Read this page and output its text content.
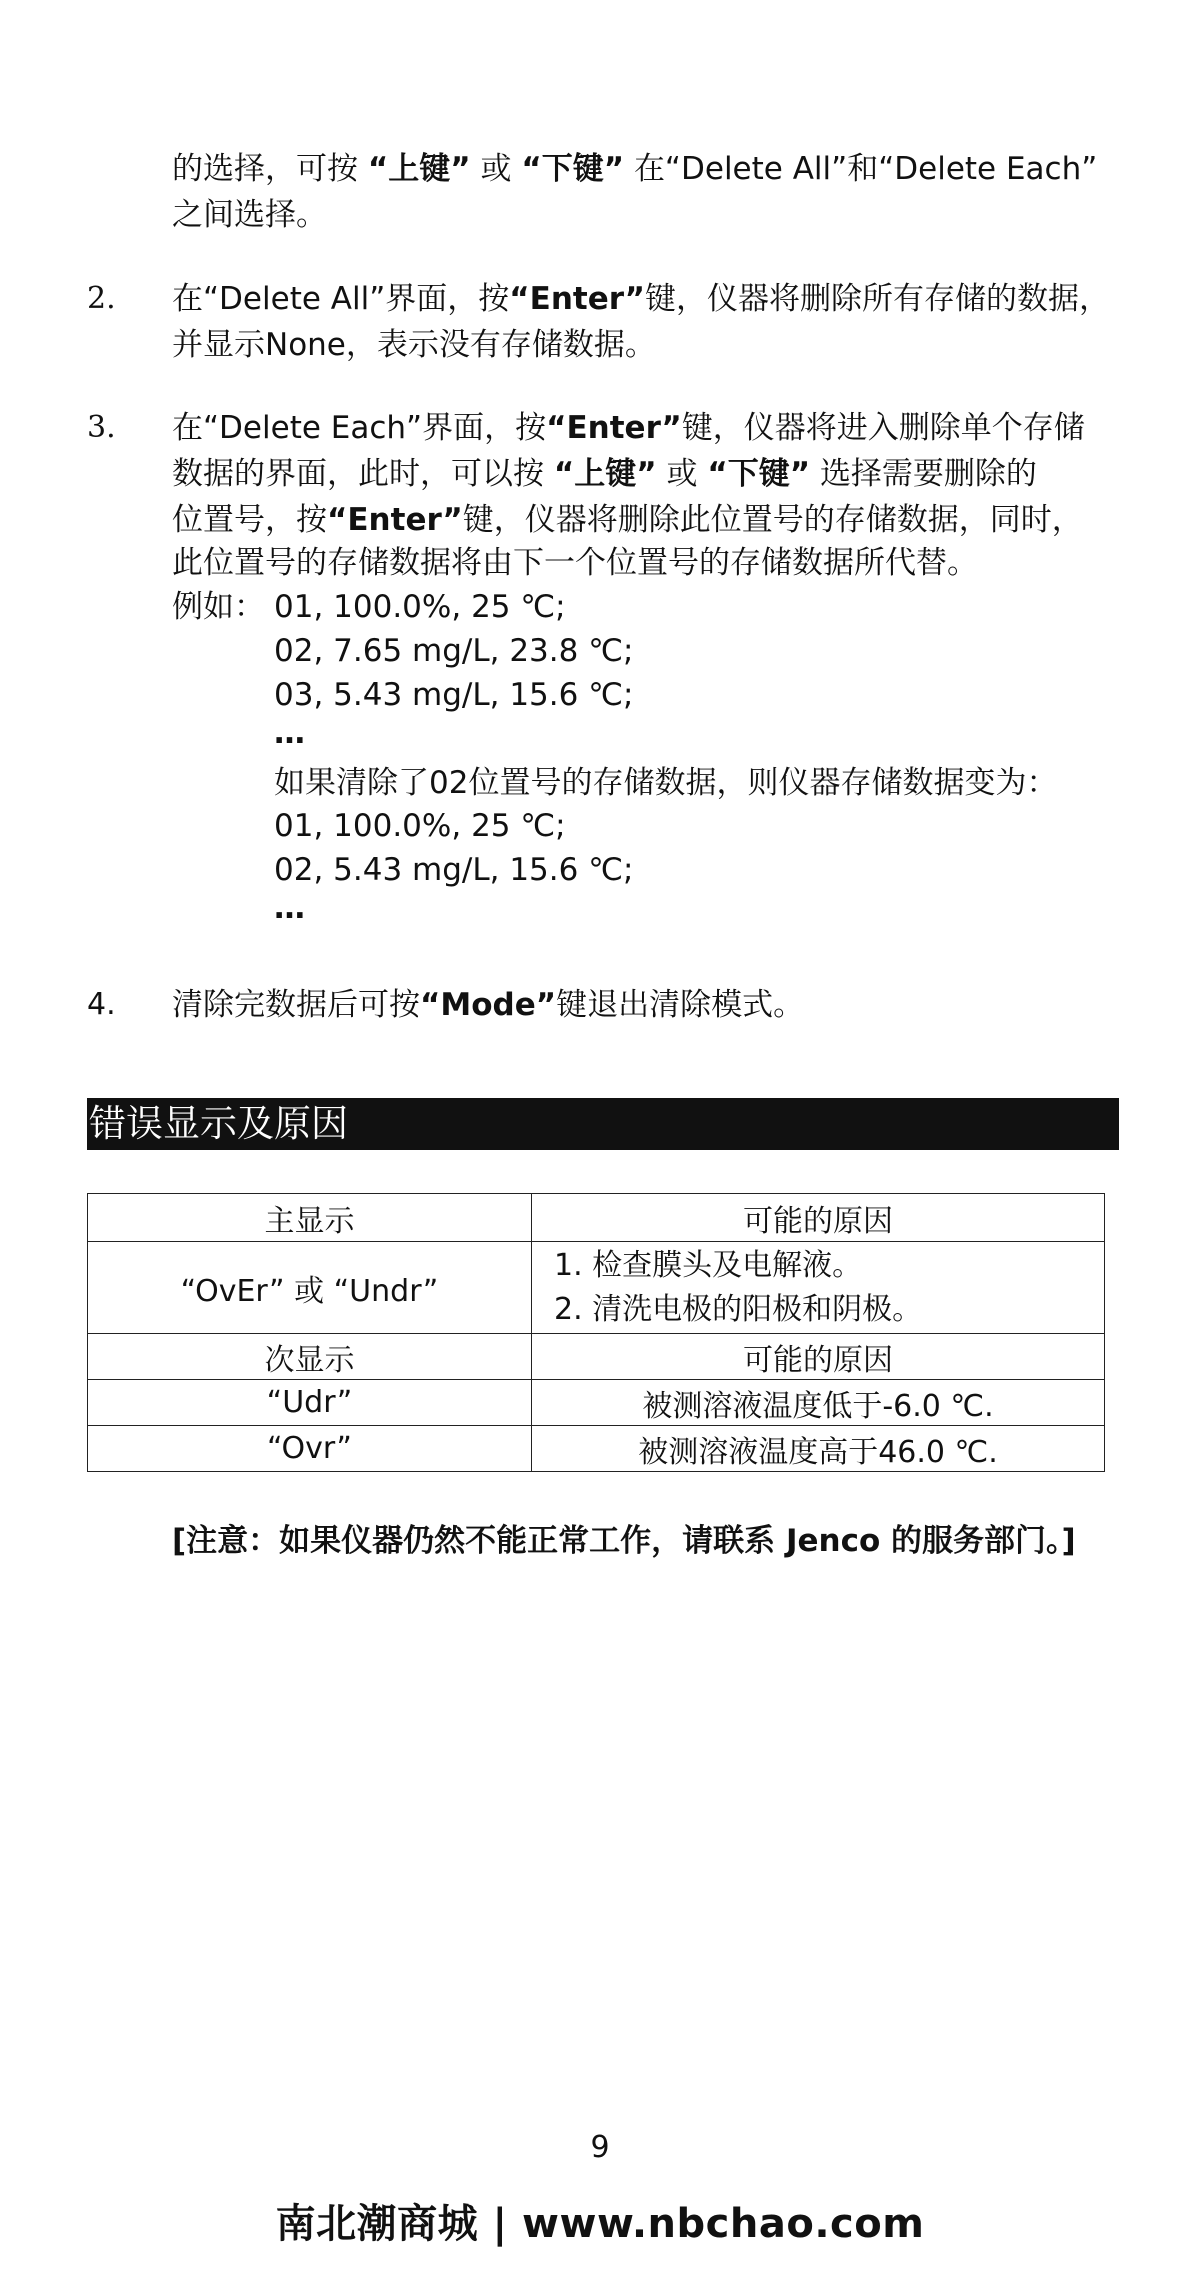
的选择，可按 “上键” 或 “下键” 在“Delete All”和“Delete Each”
之间选择。
2. 在“Delete All”界面，按“Enter”键，仪器将删除所有存储的数据，
并显示None，表示没有存储数据。
3. 在“Delete Each”界面，按“Enter”键，仪器将进入删除单个存储
数据的界面，此时，可以按 “上键” 或 “下键” 选择需要删除的
位置号，按“Enter”键，仪器将删除此位置号的存储数据，同时，
此位置号的存储数据将由下一个位置号的存储数据所代替。
例如： 01, 100.0%, 25 ℃;
02, 7.65 mg/L, 23.8 ℃;
03, 5.43 mg/L, 15.6 ℃;
…
如果清除了02位置号的存储数据，则仪器存储数据变为：
01, 100.0%, 25 ℃;
02, 5.43 mg/L, 15.6 ℃;
…
4. 清除完数据后可按“Mode”键退出清除模式。
错误显示及原因
主显示	可能的原因
“OvEr” 或 “Undr”	1. 检查膜头及电解液。
2. 清洗电极的阳极和阴极。

次显示	可能的原因
“Udr”	被测溶液温度低于-6.0 ℃.
“Ovr”	被测溶液温度高于46.0 ℃.
[注意：如果仪器仍然不能正常工作，请联系 Jenco 的服务部门。]
9
南北潮商城 | www.nbchao.com
